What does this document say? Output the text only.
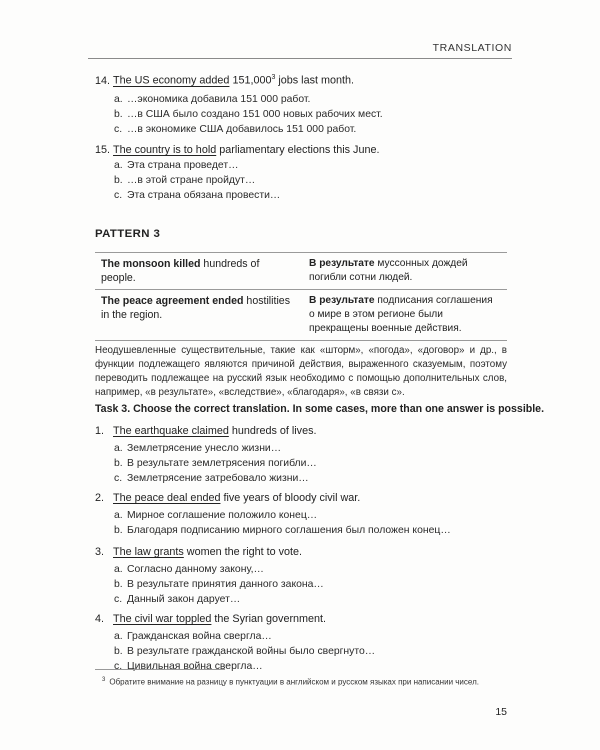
TRANSLATION
14. The US economy added 151,000$^3$ jobs last month.
a. …экономика добавила 151 000 работ.
b. …в США было создано 151 000 новых рабочих мест.
c. …в экономике США добавилось 151 000 работ.
15. The country is to hold parliamentary elections this June.
a. Эта страна проведет…
b. …в этой стране пройдут…
c. Эта страна обязана провести…
PATTERN 3
The monsoon killed hundreds of people.
В результате муссонных дождей погибли сотни людей.
The peace agreement ended hostilities in the region.
В результате подписания соглашения о мире в этом регионе были прекращены военные действия.
Неодушевленные существительные, такие как «шторм», «погода», «договор» и др., в функции подлежащего являются причиной действия, выраженного сказуемым, поэтому переводить подлежащее на русский язык необходимо с помощью дополнительных слов, например, «в результате», «вследствие», «благодаря», «в связи с».
Task 3. Choose the correct translation. In some cases, more than one answer is possible.
1. The earthquake claimed hundreds of lives.
a. Землетрясение унесло жизни…
b. В результате землетрясения погибли…
c. Землетрясение затребовало жизни…
2. The peace deal ended five years of bloody civil war.
a. Мирное соглашение положило конец…
b. Благодаря подписанию мирного соглашения был положен конец…
3. The law grants women the right to vote.
a. Согласно данному закону,…
b. В результате принятия данного закона…
c. Данный закон дарует…
4. The civil war toppled the Syrian government.
a. Гражданская война свергла…
b. В результате гражданской войны было свергнуто…
c. Цивильная война свергла…
$^3$ Обратите внимание на разницу в пунктуации в английском и русском языках при написании чисел.
15
